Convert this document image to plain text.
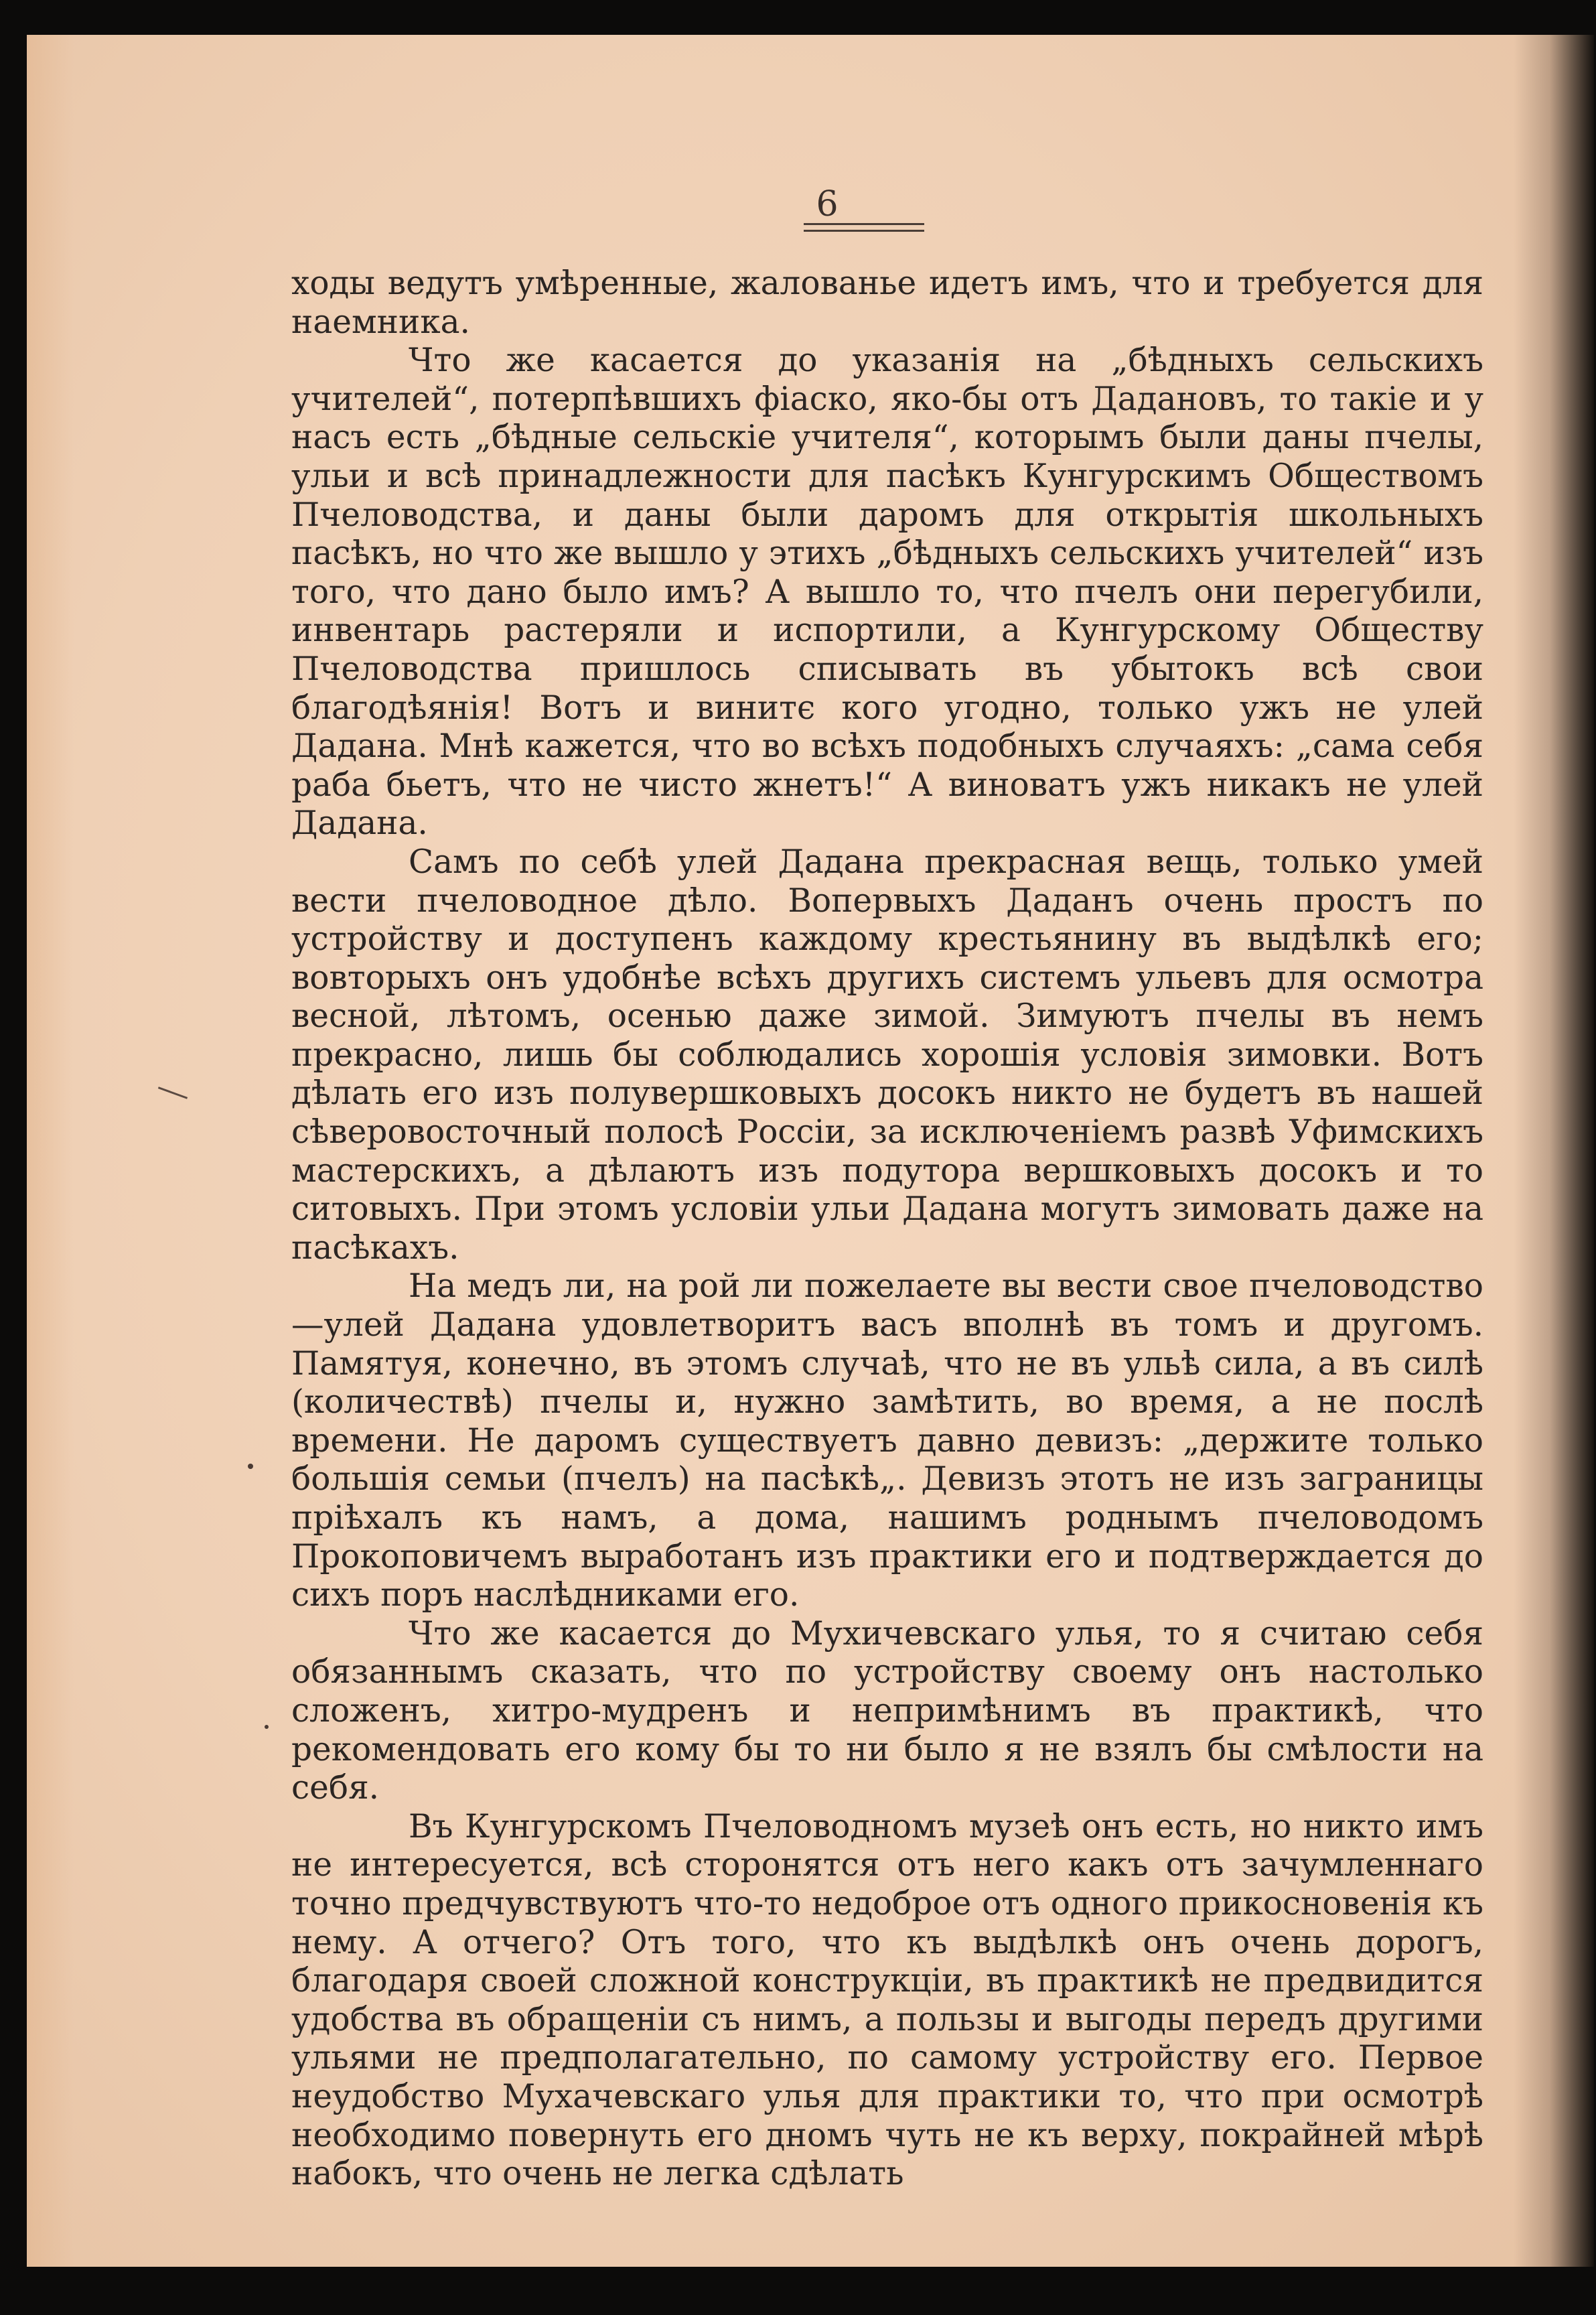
6

ходы ведутъ умѣренные, жалованье идетъ имъ, что и требуется для наемника.

Что же касается до указанія на „бѣдныхъ сельскихъ учителей“, потерпѣвшихъ фіаско, яко-бы отъ Дадановъ, то такіе и у насъ есть „бѣдные сельскіе учителя“, которымъ были даны пчелы, ульи и всѣ принадлежности для пасѣкъ Кунгурскимъ Обществомъ Пчеловодства, и даны были даромъ для открытія школьныхъ пасѣкъ, но что же вышло у этихъ „бѣдныхъ сельскихъ учителей“ изъ того, что дано было имъ? А вышло то, что пчелъ они перегубили, инвентарь растеряли и испортили, а Кунгурскому Обществу Пчеловодства пришлось списывать въ убытокъ всѣ свои благодѣянія! Вотъ и винитє кого угодно, только ужъ не улей Дадана. Мнѣ кажется, что во всѣхъ подобныхъ случаяхъ: „сама себя раба бьетъ, что не чисто жнетъ!“ А виноватъ ужъ никакъ не улей Дадана.

Самъ по себѣ улей Дадана прекрасная вещь, только умей вести пчеловодное дѣло. Вопервыхъ Даданъ очень простъ по устройству и доступенъ каждому крестьянину въ выдѣлкѣ его; вовторыхъ онъ удобнѣе всѣхъ другихъ системъ ульевъ для осмотра весной, лѣтомъ, осенью даже зимой. Зимуютъ пчелы въ немъ прекрасно, лишь бы соблюдались хорошія условія зимовки. Вотъ дѣлать его изъ полувершковыхъ досокъ никто не будетъ въ нашей сѣверовосточный полосѣ Россіи, за исключеніемъ развѣ Уфимскихъ мастерскихъ, а дѣлаютъ изъ подутора вершковыхъ досокъ и то ситовыхъ. При этомъ условіи ульи Дадана могутъ зимовать даже на пасѣкахъ.

На медъ ли, на рой ли пожелаете вы вести свое пчеловодство—улей Дадана удовлетворитъ васъ вполнѣ въ томъ и другомъ. Памятуя, конечно, въ этомъ случаѣ, что не въ ульѣ сила, а въ силѣ (количествѣ) пчелы и, нужно замѣтить, во время, а не послѣ времени. Не даромъ существуетъ давно девизъ: „держите только большія семьи (пчелъ) на пасѣкѣ„. Девизъ этотъ не изъ заграницы пріѣхалъ къ намъ, а дома, нашимъ роднымъ пчеловодомъ Прокоповичемъ выработанъ изъ практики его и подтверждается до сихъ поръ наслѣдниками его.

Что же касается до Мухичевскаго улья, то я считаю себя обязаннымъ сказать, что по устройству своему онъ настолько сложенъ, хитро-мудренъ и непримѣнимъ въ практикѣ, что рекомендовать его кому бы то ни было я не взялъ бы смѣлости на себя.

Въ Кунгурскомъ Пчеловодномъ музеѣ онъ есть, но никто имъ не интересуется, всѣ сторонятся отъ него какъ отъ зачумленнаго точно предчувствуютъ что-то недоброе отъ одного прикосновенія къ нему. А отчего? Отъ того, что къ выдѣлкѣ онъ очень дорогъ, благодаря своей сложной конструкціи, въ практикѣ не предвидится удобства въ обращеніи съ нимъ, а пользы и выгоды передъ другими ульями не предполагательно, по самому устройству его. Первое неудобство Мухачевскаго улья для практики то, что при осмотрѣ необходимо повернуть его дномъ чуть не къ верху, покрайней мѣрѣ набокъ, что очень не легка сдѣлать
